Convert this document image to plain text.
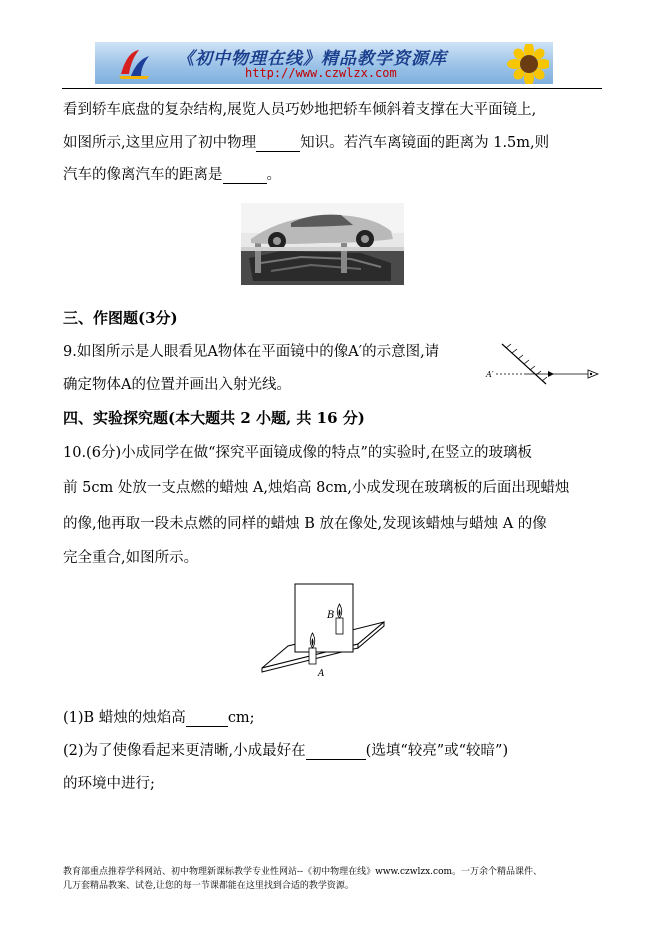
《初中物理在线》精品教学资源库
http://www.czwlzx.com
看到轿车底盘的复杂结构,展览人员巧妙地把轿车倾斜着支撑在大平面镜上,
如图所示,这里应用了初中物理	知识。若汽车离镜面的距离为 1.5m,则
汽车的像离汽车的距离是	。
三、作图题(3分)
9.如图所示是人眼看见A物体在平面镜中的像A′的示意图,请
确定物体A的位置并画出入射光线。
A′
四、实验探究题(本大题共 2 小题, 共 16 分)
10.(6分)小成同学在做“探究平面镜成像的特点”的实验时,在竖立的玻璃板
前 5cm 处放一支点燃的蜡烛 A,烛焰高 8cm,小成发现在玻璃板的后面出现蜡烛
的像,他再取一段未点燃的同样的蜡烛 B 放在像处,发现该蜡烛与蜡烛 A 的像
完全重合,如图所示。
B
A
(1)B 蜡烛的烛焰高	cm;
(2)为了使像看起来更清晰,小成最好在	(选填“较亮”或“较暗”)
的环境中进行;
教育部重点推荐学科网站、初中物理新课标教学专业性网站--《初中物理在线》www.czwlzx.com。一万余个精品课件、
几万套精品教案、试卷,让您的每一节课都能在这里找到合适的教学资源。
